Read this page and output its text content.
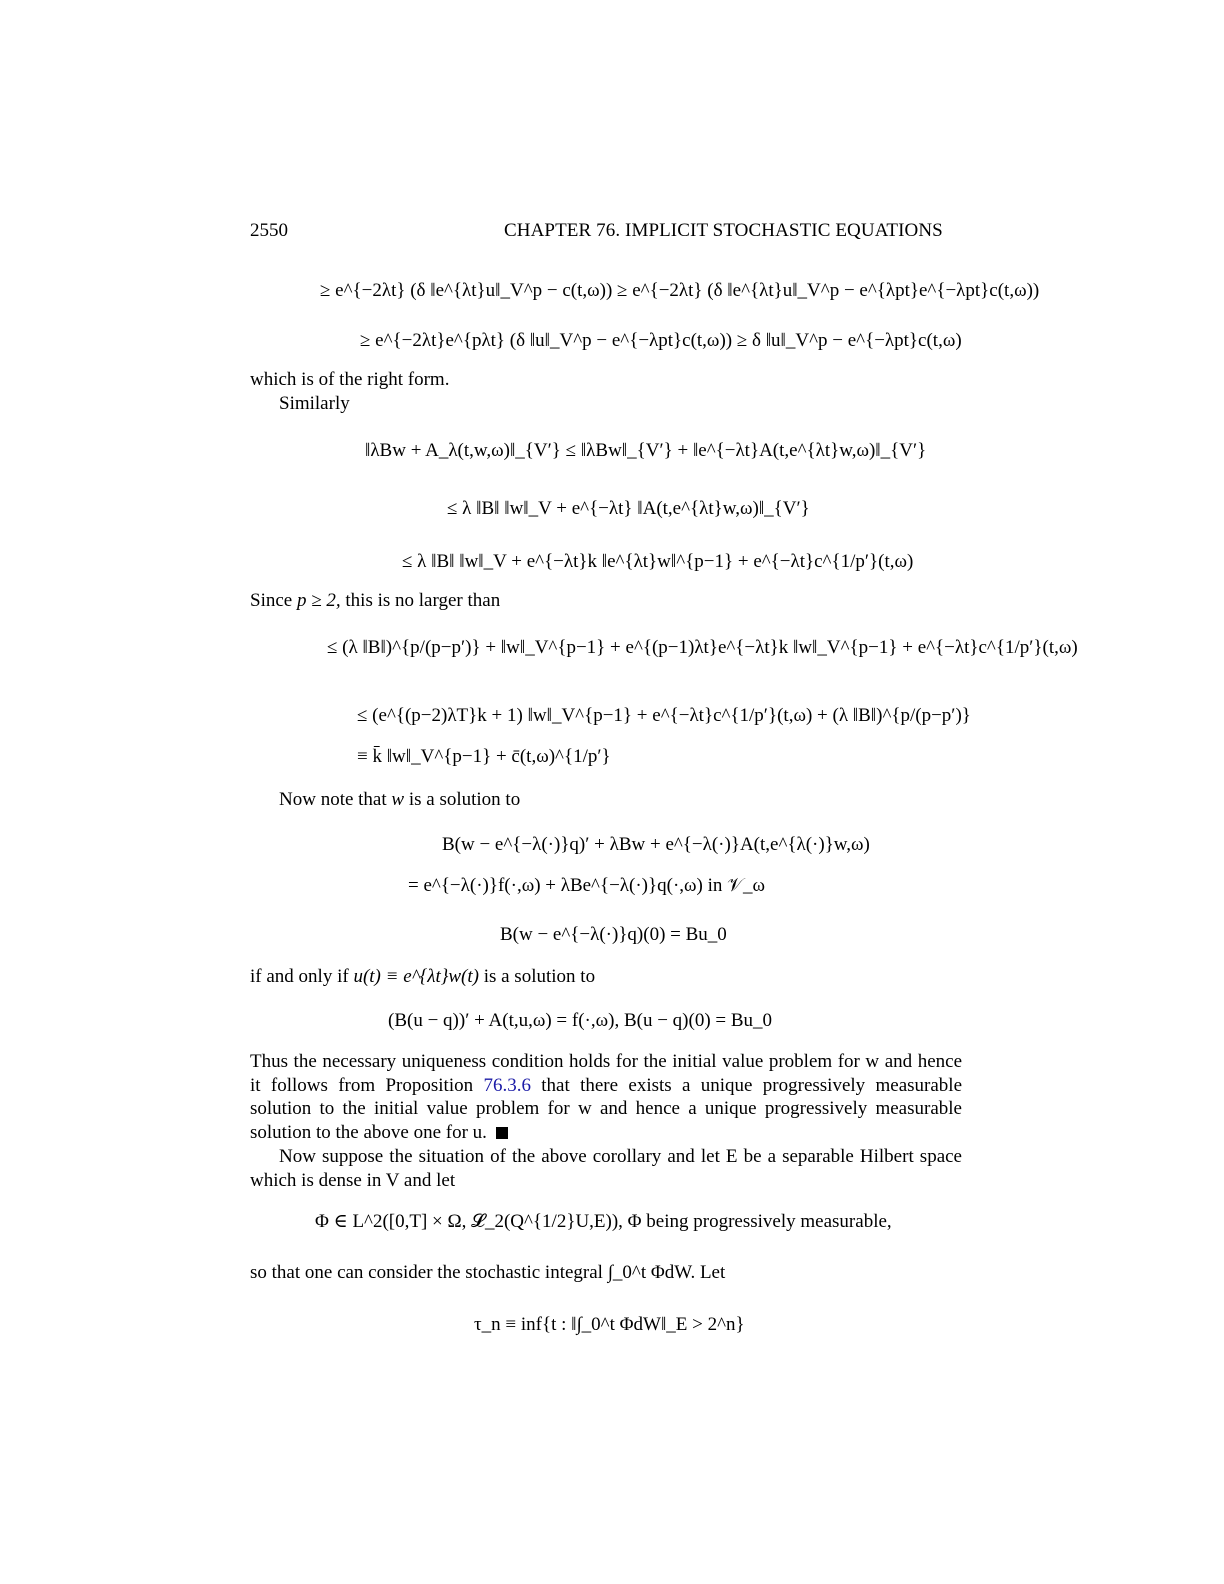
2550	CHAPTER 76. IMPLICIT STOCHASTIC EQUATIONS
≥ e^{−2λt} (δ ‖e^{λt}u‖_V^p − c(t,ω)) ≥ e^{−2λt} (δ ‖e^{λt}u‖_V^p − e^{λpt}e^{−λpt}c(t,ω))
≥ e^{−2λt}e^{pλt} (δ ‖u‖_V^p − e^{−λpt}c(t,ω)) ≥ δ ‖u‖_V^p − e^{−λpt}c(t,ω)
which is of the right form.
Similarly
‖λBw + A_λ(t,w,ω)‖_{V′} ≤ ‖λBw‖_{V′} + ‖e^{−λt}A(t,e^{λt}w,ω)‖_{V′}
≤ λ ‖B‖ ‖w‖_V + e^{−λt} ‖A(t,e^{λt}w,ω)‖_{V′}
≤ λ ‖B‖ ‖w‖_V + e^{−λt}k ‖e^{λt}w‖^{p−1} + e^{−λt}c^{1/p′}(t,ω)
Since p ≥ 2, this is no larger than
≤ (λ ‖B‖)^{p/(p−p′)} + ‖w‖_V^{p−1} + e^{(p−1)λt}e^{−λt}k ‖w‖_V^{p−1} + e^{−λt}c^{1/p′}(t,ω)
≤ (e^{(p−2)λT}k + 1) ‖w‖_V^{p−1} + e^{−λt}c^{1/p′}(t,ω) + (λ ‖B‖)^{p/(p−p′)}
≡ k̄ ‖w‖_V^{p−1} + c̄(t,ω)^{1/p′}
Now note that w is a solution to
B(w − e^{−λ(·)}q)′ + λBw + e^{−λ(·)}A(t,e^{λ(·)}w,ω)
= e^{−λ(·)}f(·,ω) + λBe^{−λ(·)}q(·,ω) in 𝒱_ω
B(w − e^{−λ(·)}q)(0) = Bu_0
if and only if u(t) ≡ e^{λt}w(t) is a solution to
(B(u − q))′ + A(t,u,ω) = f(·,ω), B(u − q)(0) = Bu_0
Thus the necessary uniqueness condition holds for the initial value problem for w and hence it follows from Proposition 76.3.6 that there exists a unique progressively measurable solution to the initial value problem for w and hence a unique progressively measurable solution to the above one for u.
Now suppose the situation of the above corollary and let E be a separable Hilbert space which is dense in V and let
Φ ∈ L^2([0,T] × Ω, 𝓛_2(Q^{1/2}U,E)), Φ being progressively measurable,
so that one can consider the stochastic integral ∫_0^t ΦdW. Let
τ_n ≡ inf{t : ‖∫_0^t ΦdW‖_E > 2^n}
